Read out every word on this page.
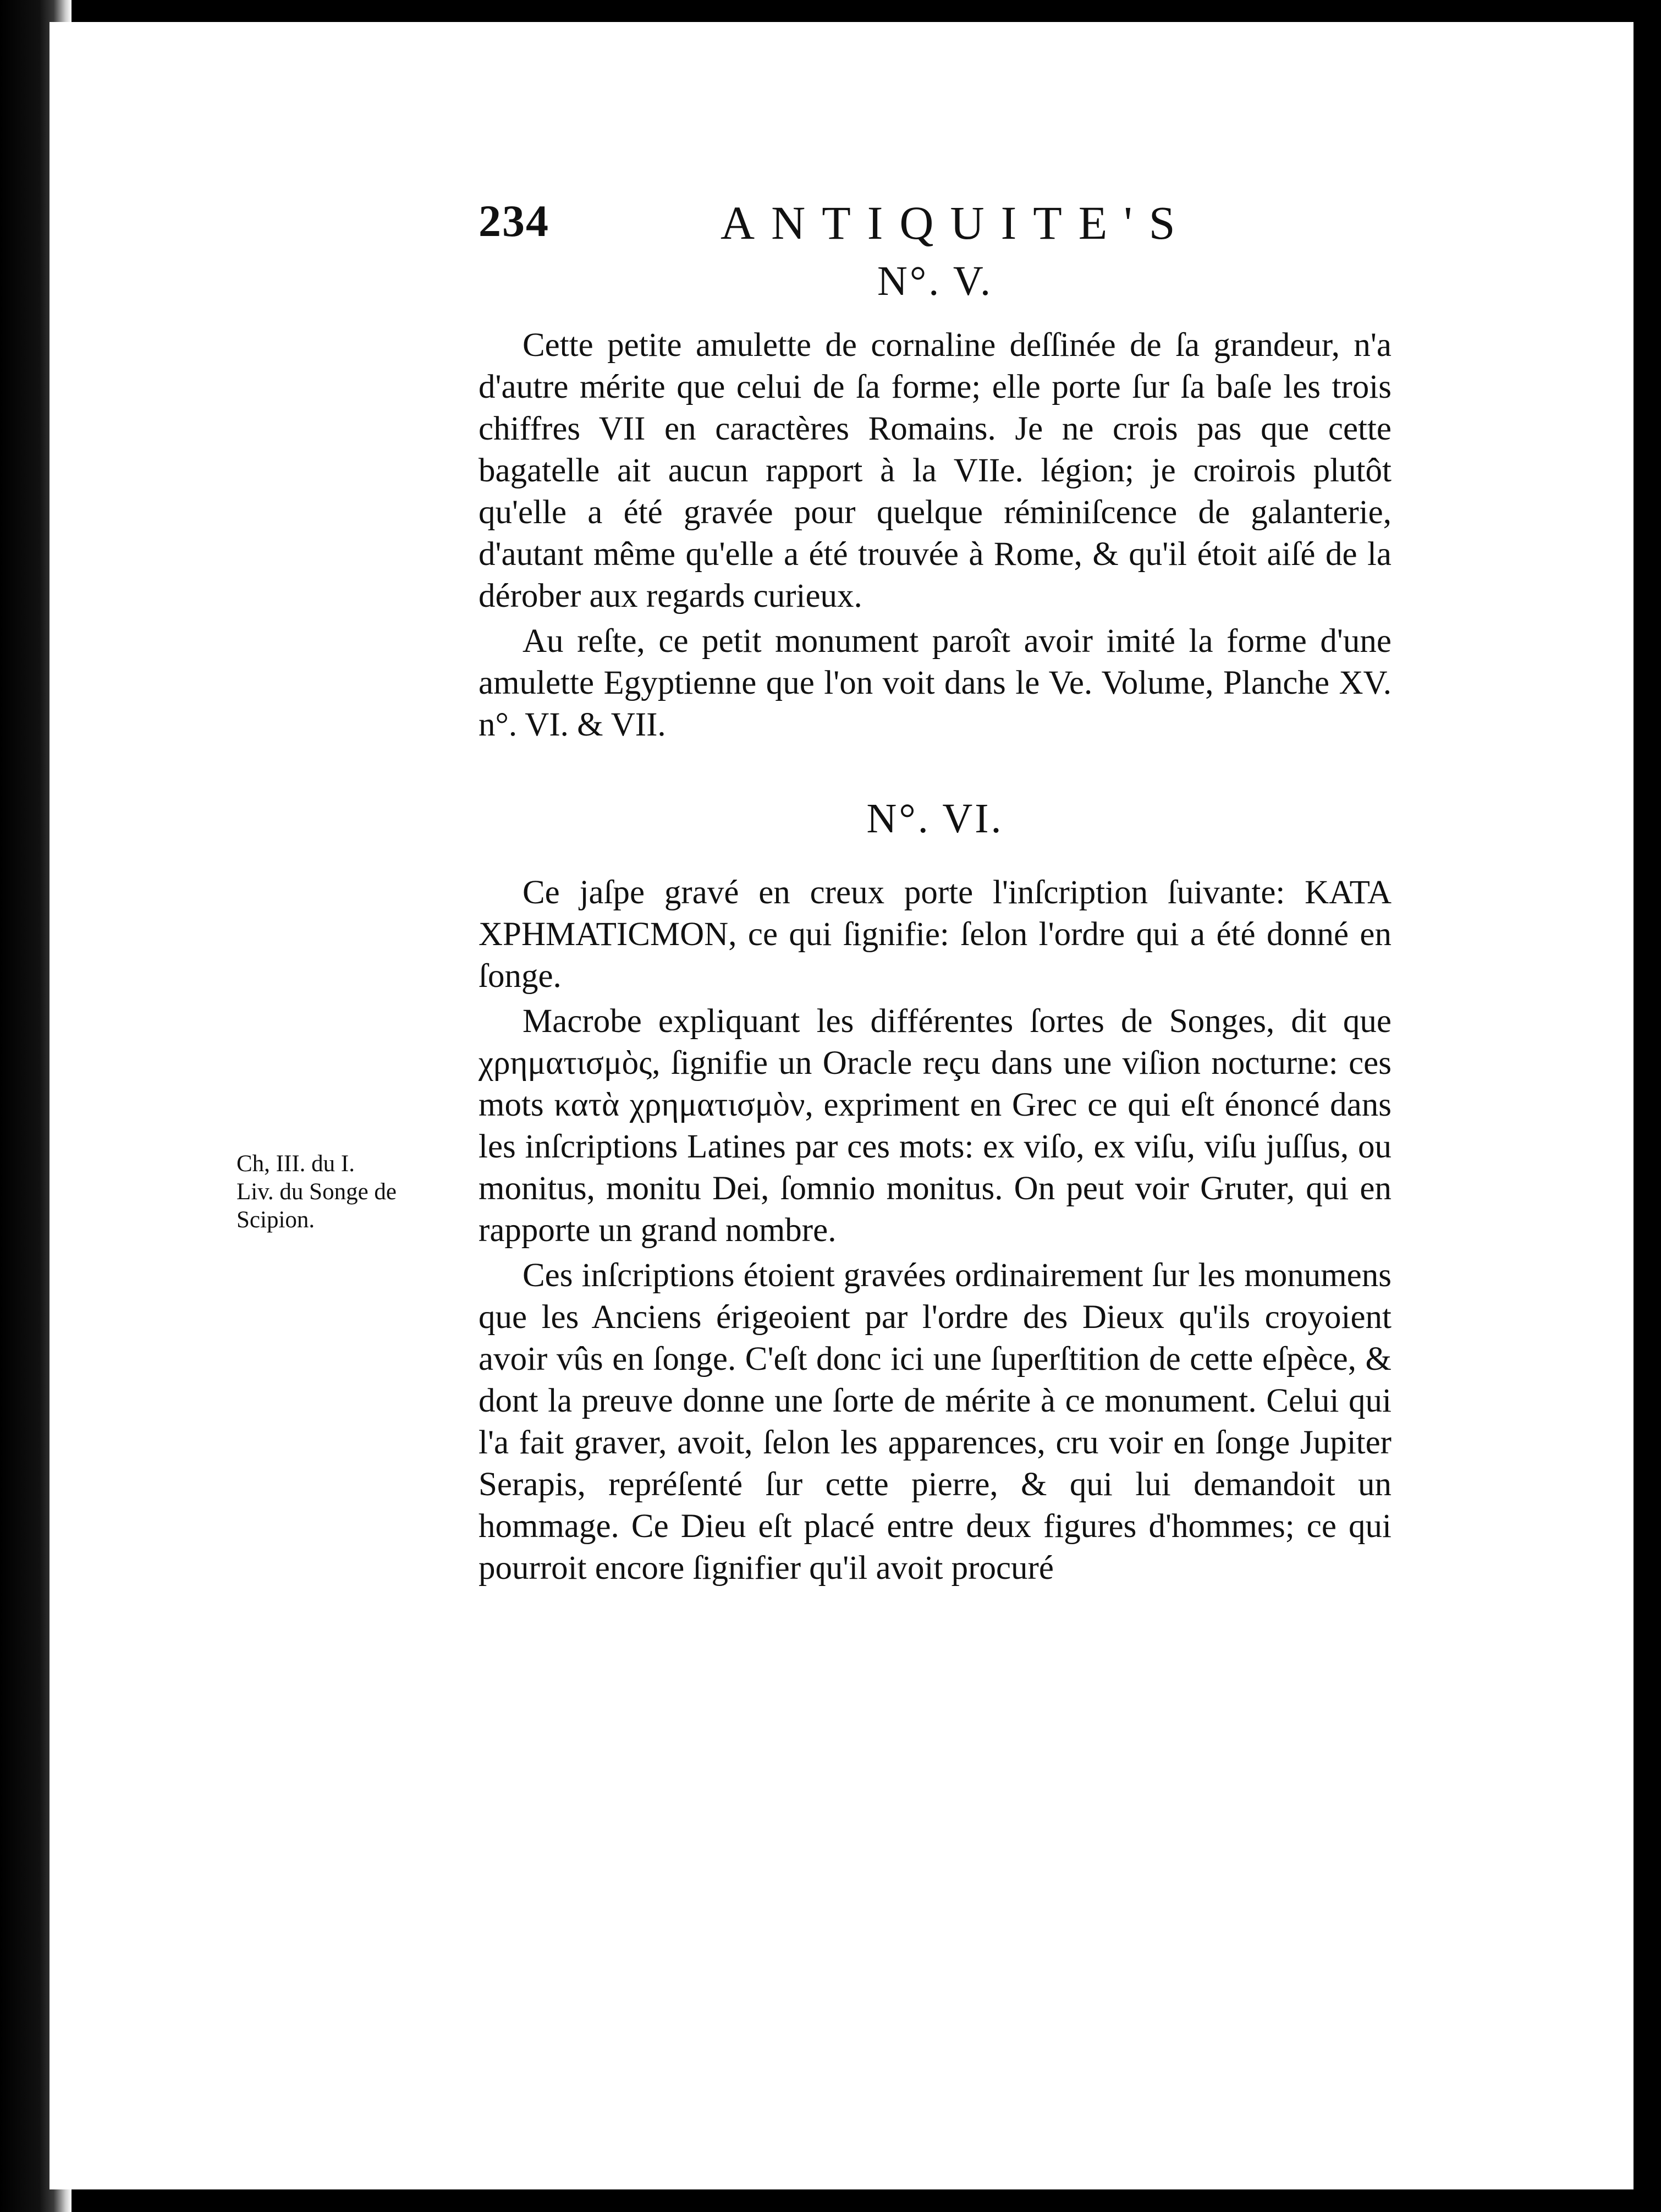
234	ANTIQUITE'S
N°. V.

Cette petite amulette de cornaline deſſinée de ſa grandeur, n'a d'autre mérite que celui de ſa forme; elle porte ſur ſa baſe les trois chiffres VII en caractères Romains. Je ne crois pas que cette bagatelle ait aucun rapport à la VIIe. légion; je croirois plutôt qu'elle a été gravée pour quelque réminiſcence de galanterie, d'autant même qu'elle a été trouvée à Rome, & qu'il étoit aiſé de la dérober aux regards curieux.

Au reſte, ce petit monument paroît avoir imité la forme d'une amulette Egyptienne que l'on voit dans le Ve. Volume, Planche XV. n°. VI. & VII.

N°. VI.

Ce jaſpe gravé en creux porte l'inſcription ſuivante: ΚΑΤΑ ΧΡΗΜΑΤΙCΜΟΝ, ce qui ſignifie: ſelon l'ordre qui a été donné en ſonge.

Macrobe expliquant les différentes ſortes de Songes, dit que χρηματισμὸς, ſignifie un Oracle reçu dans une viſion nocturne: ces mots κατὰ χρηματισμὸν, expriment en Grec ce qui eſt énoncé dans les inſcriptions Latines par ces mots: ex viſo, ex viſu, viſu juſſus, ou monitus, monitu Dei, ſomnio monitus. On peut voir Gruter, qui en rapporte un grand nombre.

Ces inſcriptions étoient gravées ordinairement ſur les monumens que les Anciens érigeoient par l'ordre des Dieux qu'ils croyoient avoir vûs en ſonge. C'eſt donc ici une ſuperſtition de cette eſpèce, & dont la preuve donne une ſorte de mérite à ce monument. Celui qui l'a fait graver, avoit, ſelon les apparences, cru voir en ſonge Jupiter Serapis, repréſenté ſur cette pierre, & qui lui demandoit un hommage. Ce Dieu eſt placé entre deux figures d'hommes; ce qui pourroit encore ſignifier qu'il avoit procuré

Ch, III. du I.
Liv. du Songe de
Scipion.
